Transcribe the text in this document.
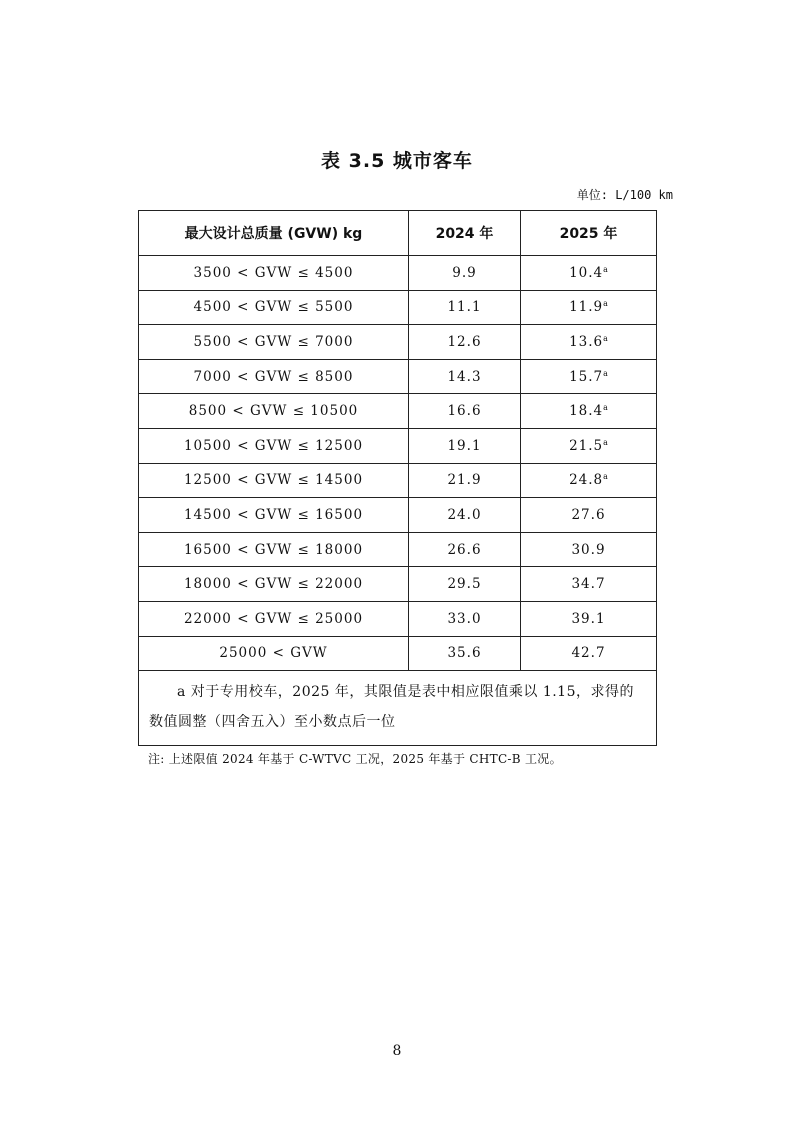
表 3.5 城市客车
单位: L/100 km
最大设计总质量 (GVW) kg	2024 年	2025 年
3500 < GVW ≤ 4500	9.9	10.4$^a$
4500 < GVW ≤ 5500	11.1	11.9$^a$
5500 < GVW ≤ 7000	12.6	13.6$^a$
7000 < GVW ≤ 8500	14.3	15.7$^a$
8500 < GVW ≤ 10500	16.6	18.4$^a$
10500 < GVW ≤ 12500	19.1	21.5$^a$
12500 < GVW ≤ 14500	21.9	24.8$^a$
14500 < GVW ≤ 16500	24.0	27.6
16500 < GVW ≤ 18000	26.6	30.9
18000 < GVW ≤ 22000	29.5	34.7
22000 < GVW ≤ 25000	33.0	39.1
25000 < GVW	35.6	42.7

a 对于专用校车，2025 年，其限值是表中相应限值乘以 1.15，求得的数值圆整（四舍五入）至小数点后一位		
注: 上述限值 2024 年基于 C-WTVC 工况，2025 年基于 CHTC-B 工况。
8
